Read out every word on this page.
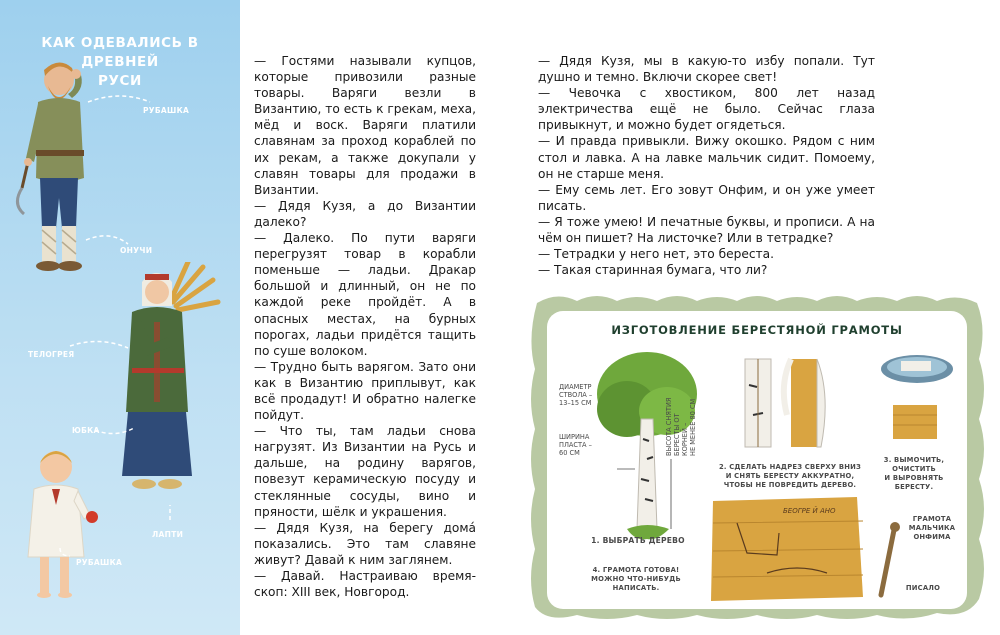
КАК ОДЕВАЛИСЬ В ДРЕВНЕЙ
РУСИ
РУБАШКА
ОНУЧИ
ТЕЛОГРЕЯ
ЮБКА
ЛАПТИ
РУБАШКА

— Гостями называли купцов, которые привозили разные товары. Варяги везли в Византию, то есть к грекам, меха, мёд и воск. Варяги платили славянам за проход кораблей по их рекам, а также докупали у славян товары для продажи в Византии.

— Дядя Кузя, а до Византии далеко?

— Далеко. По пути варяги перегрузят товар в корабли поменьше — ладьи. Дракар большой и длинный, он не по каждой реке пройдёт. А в опасных местах, на бурных порогах, ладьи придётся тащить по суше волоком.

— Трудно быть варягом. Зато они как в Византию приплывут, как всё продадут! И обратно налегке пойдут.

— Что ты, там ладьи снова нагрузят. Из Византии на Русь и дальше, на родину варягов, повезут керамическую посуду и стеклянные сосуды, вино и пряности, шёлк и украшения.

— Дядя Кузя, на берегу домá показались. Это там славяне живут? Давай к ним заглянем.

— Давай. Настраиваю время-скоп: XIII век, Новгород.

— Дядя Кузя, мы в какую-то избу попали. Тут душно и темно. Включи скорее свет!

— Чевочка с хвостиком, 800 лет назад электричества ещё не было. Сейчас глаза привыкнут, и можно будет огядеться.

— И правда привыкли. Вижу окошко. Рядом с ним стол и лавка. А на лавке мальчик сидит. Помоему, он не старше меня.

— Ему семь лет. Его зовут Онфим, и он уже умеет писать.

— Я тоже умею! И печатные буквы, и прописи. А на чём он пишет? На листочке? Или в тетрадке?

— Тетрадки у него нет, это береста.

— Такая старинная бумага, что ли?

ИЗГОТОВЛЕНИЕ БЕРЕСТЯНОЙ ГРАМОТЫ
ДИАМЕТР
СТВОЛА –
13–15 СМ
ШИРИНА
ПЛАСТА –
60 СМ	ВЫСОТА СНЯТИЯ БЕРЕСТЫ ОТ КОРНЕЙ – НЕ МЕНЕЕ 80 СМ
1. ВЫБРАТЬ ДЕРЕВО
2. СДЕЛАТЬ НАДРЕЗ СВЕРХУ ВНИЗ
И СНЯТЬ БЕРЕСТУ АККУРАТНО,
ЧТОБЫ НЕ ПОВРЕДИТЬ ДЕРЕВО.
3. ВЫМОЧИТЬ,
ОЧИСТИТЬ
И ВЫРОВНЯТЬ
БЕРЕСТУ.
БЕОГРЕ Й АНО
4. ГРАМОТА ГОТОВА!
МОЖНО ЧТО-НИБУДЬ
НАПИСАТЬ.
ГРАМОТА
МАЛЬЧИКА
ОНФИМА
ПИСАЛО
